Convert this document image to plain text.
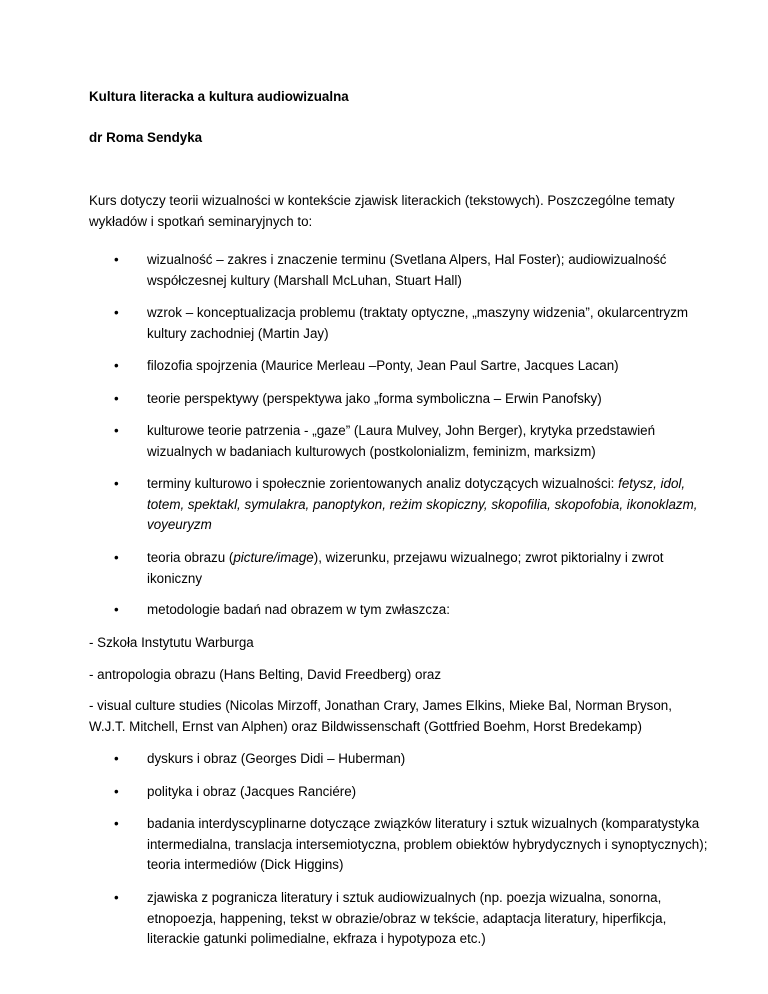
Kultura literacka a kultura audiowizualna

dr Roma Sendyka

Kurs dotyczy teorii wizualności w kontekście zjawisk literackich (tekstowych). Poszczególne tematy wykładów i spotkań seminaryjnych to:

• wizualność – zakres i znaczenie terminu (Svetlana Alpers, Hal Foster); audiowizualność współczesnej kultury (Marshall McLuhan, Stuart Hall)
• wzrok – konceptualizacja problemu (traktaty optyczne, „maszyny widzenia”, okularcentryzm kultury zachodniej (Martin Jay)
• filozofia spojrzenia (Maurice Merleau –Ponty, Jean Paul Sartre, Jacques Lacan)
• teorie perspektywy (perspektywa jako „forma symboliczna – Erwin Panofsky)
• kulturowe teorie patrzenia - „gaze” (Laura Mulvey, John Berger), krytyka przedstawień wizualnych w badaniach kulturowych (postkolonializm, feminizm, marksizm)
• terminy kulturowo i społecznie zorientowanych analiz dotyczących wizualności: fetysz, idol, totem, spektakl, symulakra, panoptykon, reżim skopiczny, skopofilia, skopofobia, ikonoklazm, voyeuryzm
• teoria obrazu (picture/image), wizerunku, przejawu wizualnego; zwrot piktorialny i zwrot ikoniczny
• metodologie badań nad obrazem w tym zwłaszcza:

- Szkoła Instytutu Warburga

- antropologia obrazu (Hans Belting, David Freedberg) oraz

- visual culture studies (Nicolas Mirzoff, Jonathan Crary, James Elkins, Mieke Bal, Norman Bryson, W.J.T. Mitchell, Ernst van Alphen) oraz Bildwissenschaft (Gottfried Boehm, Horst Bredekamp)

• dyskurs i obraz (Georges Didi – Huberman)
• polityka i obraz (Jacques Ranciére)
• badania interdyscyplinarne dotyczące związków literatury i sztuk wizualnych (komparatystyka intermedialna, translacja intersemiotyczna, problem obiektów hybrydycznych i synoptycznych); teoria intermediów (Dick Higgins)
• zjawiska z pogranicza literatury i sztuk audiowizualnych (np. poezja wizualna, sonorna, etnopoezja, happening, tekst w obrazie/obraz w tekście, adaptacja literatury, hiperfikcja, literackie gatunki polimedialne, ekfraza i hypotypoza etc.)
